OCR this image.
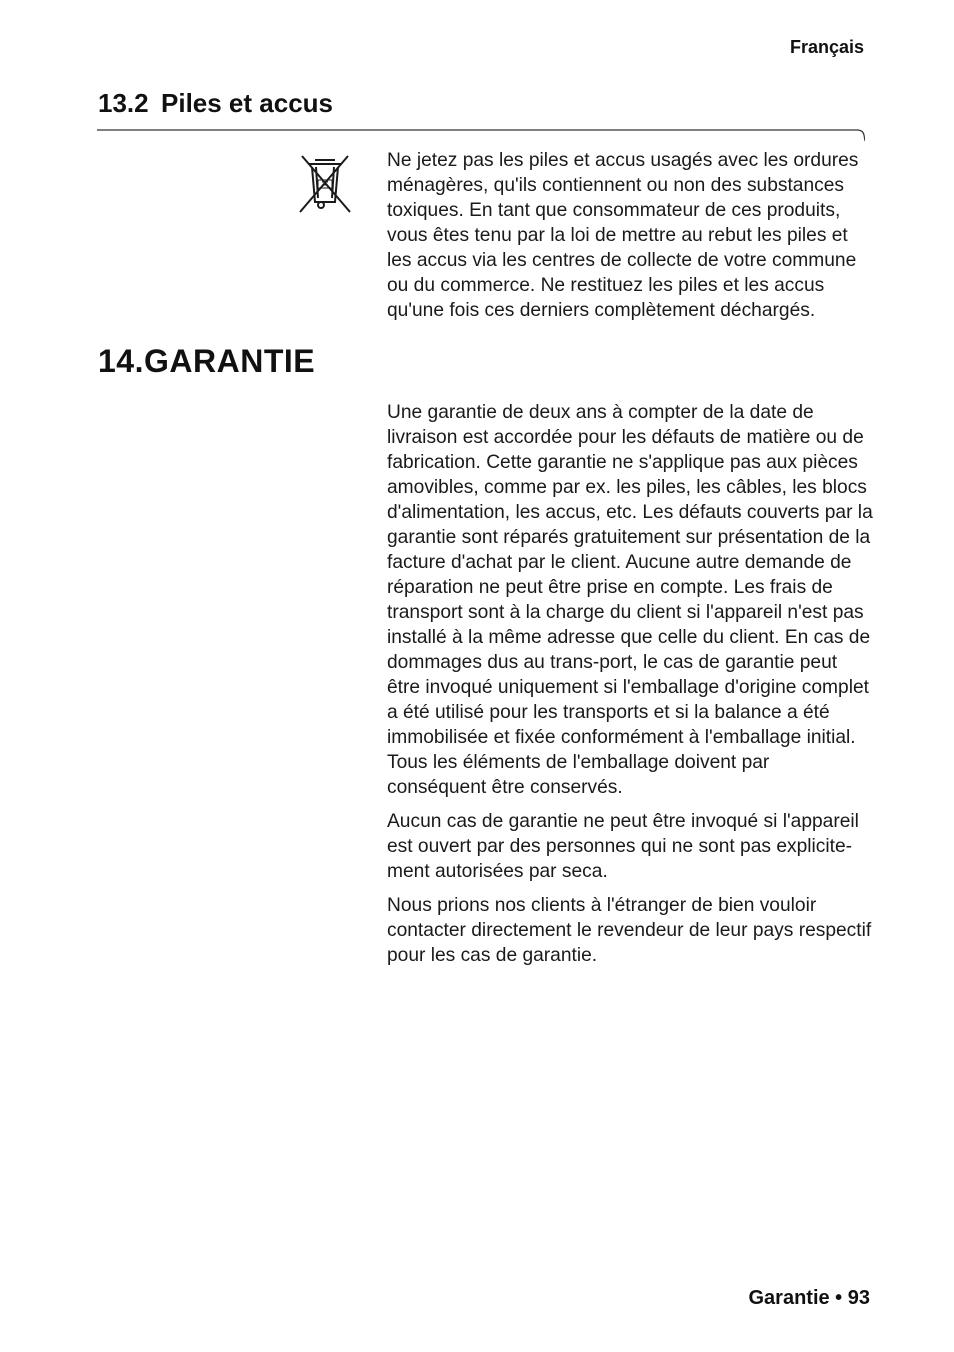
Français
13.2 Piles et accus

Ne jetez pas les piles et accus usagés avec les ordures ménagères, qu'ils contiennent ou non des substances toxiques. En tant que consommateur de ces produits, vous êtes tenu par la loi de mettre au rebut les piles et les accus via les centres de collecte de votre commune ou du commerce. Ne restituez les piles et les accus qu'une fois ces derniers complètement déchargés.

14.GARANTIE

Une garantie de deux ans à compter de la date de livraison est accordée pour les défauts de matière ou de fabrication. Cette garantie ne s'applique pas aux pièces amovibles, comme par ex. les piles, les câbles, les blocs d'alimentation, les accus, etc. Les défauts couverts par la garantie sont réparés gratuitement sur présentation de la facture d'achat par le client. Aucune autre demande de réparation ne peut être prise en compte. Les frais de transport sont à la charge du client si l'appareil n'est pas installé à la même adresse que celle du client. En cas de dommages dus au trans-port, le cas de garantie peut être invoqué uniquement si l'emballage d'origine complet a été utilisé pour les transports et si la balance a été immobilisée et fixée conformément à l'emballage initial. Tous les éléments de l'emballage doivent par conséquent être conservés.

Aucun cas de garantie ne peut être invoqué si l'appareil est ouvert par des personnes qui ne sont pas explicite-ment autorisées par seca.

Nous prions nos clients à l'étranger de bien vouloir contacter directement le revendeur de leur pays respectif pour les cas de garantie.

Garantie • 93
